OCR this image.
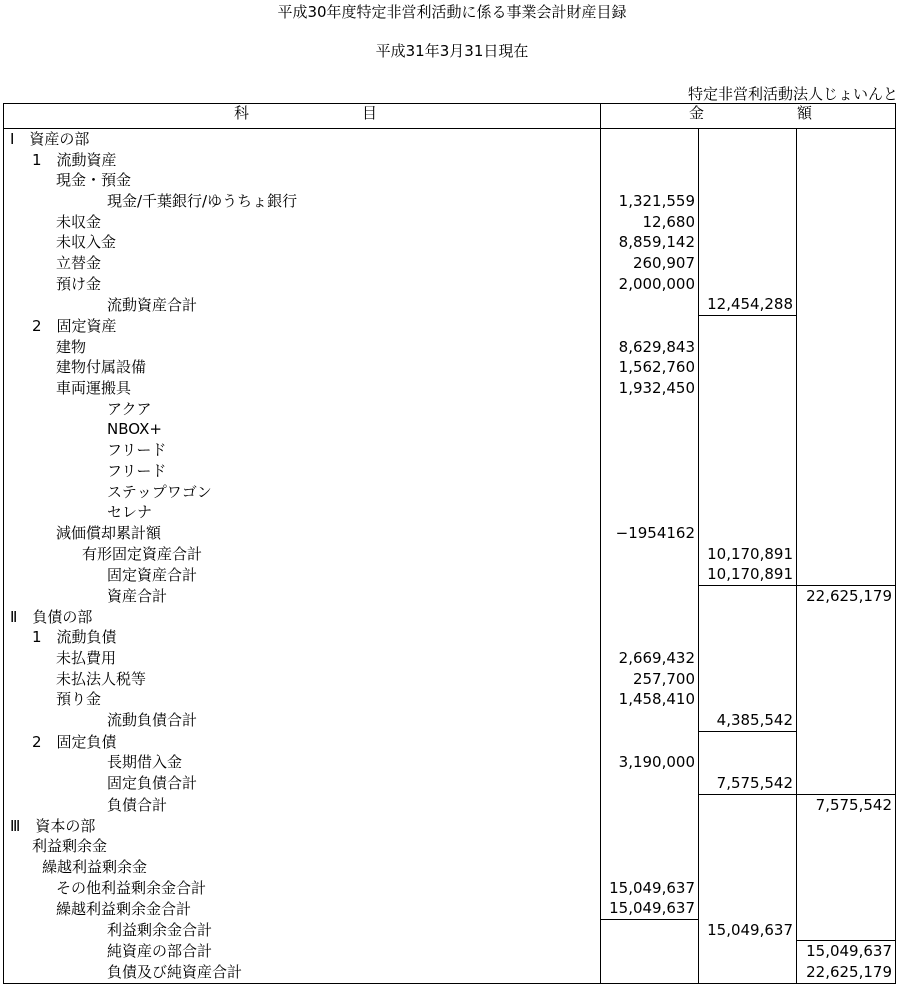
平成30年度特定非営利活動に係る事業会計財産目録
平成31年3月31日現在
特定非営利活動法人じょいんと
科 目	金 額		

Ⅰ　資産の部			
1　流動資産			
現金・預金			
現金/千葉銀行/ゆうちょ銀行	1,321,559		
未収金	12,680		
未収入金	8,859,142		
立替金	260,907		
預け金	2,000,000		
流動資産合計		12,454,288	
2　固定資産			
建物	8,629,843		
建物付属設備	1,562,760		
車両運搬具	1,932,450		
アクア			
NBOX+			
フリード			
フリード			
ステップワゴン			
セレナ			
減価償却累計額	−1954162		
有形固定資産合計		10,170,891	
固定資産合計		10,170,891	
資産合計			22,625,179
Ⅱ　負債の部			
1　流動負債			
未払費用	2,669,432		
未払法人税等	257,700		
預り金	1,458,410		
流動負債合計		4,385,542	
2　固定負債			
長期借入金	3,190,000		
固定負債合計		7,575,542	
負債合計			7,575,542
Ⅲ　資本の部			
利益剰余金			
繰越利益剰余金			
その他利益剰余金合計	15,049,637		
繰越利益剰余金合計	15,049,637		
利益剰余金合計		15,049,637	
純資産の部合計			15,049,637
負債及び純資産合計			22,625,179
